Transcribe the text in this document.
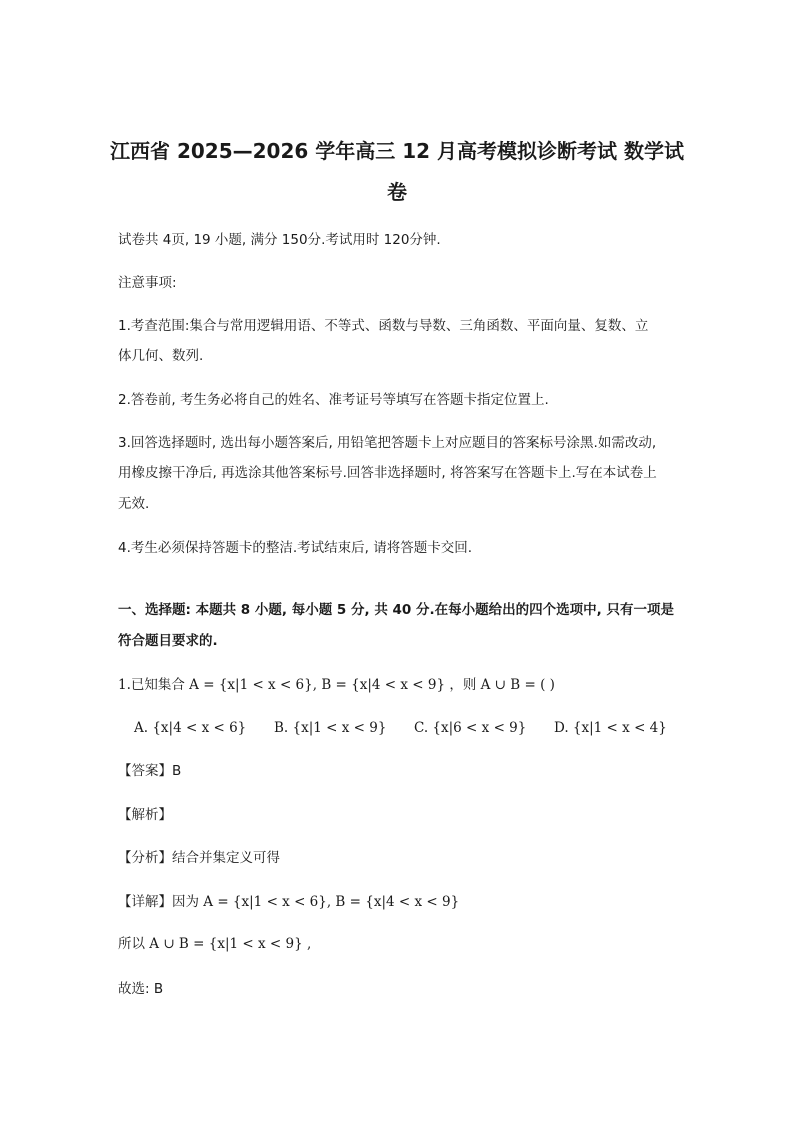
江西省 2025—2026 学年高三 12 月高考模拟诊断考试 数学试
卷
试卷共 4页, 19 小题, 满分 150分.考试用时 120分钟.
注意事项:
1.考查范围:集合与常用逻辑用语、不等式、函数与导数、三角函数、平面向量、复数、立
体几何、数列.
2.答卷前, 考生务必将自己的姓名、准考证号等填写在答题卡指定位置上.
3.回答选择题时, 选出每小题答案后, 用铅笔把答题卡上对应题目的答案标号涂黑.如需改动,
用橡皮擦干净后, 再选涂其他答案标号.回答非选择题时, 将答案写在答题卡上.写在本试卷上
无效.
4.考生必须保持答题卡的整洁.考试结束后, 请将答题卡交回.
一、选择题: 本题共 8 小题, 每小题 5 分, 共 40 分.在每小题给出的四个选项中, 只有一项是
符合题目要求的.
1.已知集合 A = {x|1 < x < 6}, B = {x|4 < x < 9} ，则 A ∪ B = ( )
A. {x|4 < x < 6} B. {x|1 < x < 9} C. {x|6 < x < 9} D. {x|1 < x < 4}
【答案】B
【解析】
【分析】结合并集定义可得
【详解】因为 A = {x|1 < x < 6}, B = {x|4 < x < 9}
所以 A ∪ B = {x|1 < x < 9} ,
故选: B
